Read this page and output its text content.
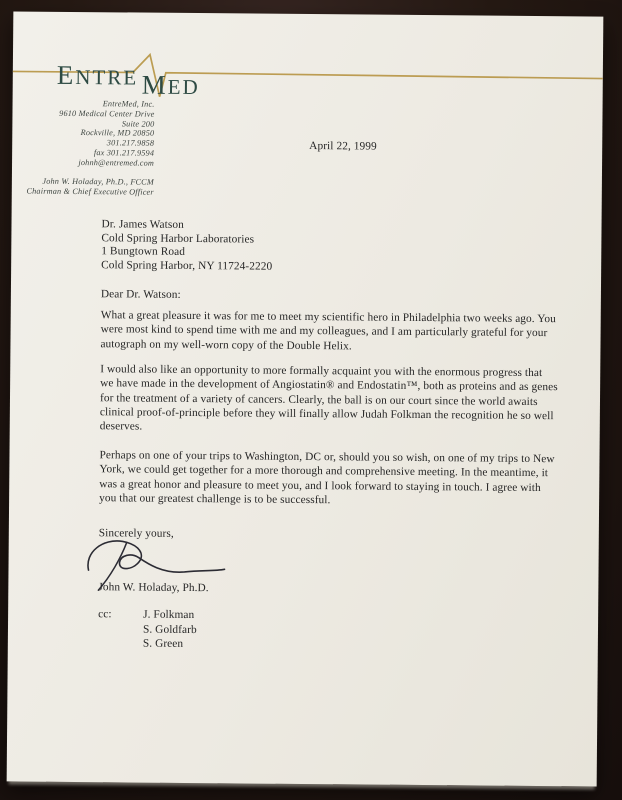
ENTRE MED
EntreMed, Inc.
9610 Medical Center Drive
Suite 200
Rockville, MD 20850
301.217.9858
fax 301.217.9594
johnh@entremed.com
John W. Holaday, Ph.D., FCCM
Chairman & Chief Executive Officer
April 22, 1999
Dr. James Watson
Cold Spring Harbor Laboratories
1 Bungtown Road
Cold Spring Harbor, NY 11724-2220
Dear Dr. Watson:
What a great pleasure it was for me to meet my scientific hero in Philadelphia two weeks ago. You were most kind to spend time with me and my colleagues, and I am particularly grateful for your autograph on my well-worn copy of the Double Helix.
I would also like an opportunity to more formally acquaint you with the enormous progress that we have made in the development of Angiostatin® and Endostatin™, both as proteins and as genes for the treatment of a variety of cancers. Clearly, the ball is on our court since the world awaits clinical proof-of-principle before they will finally allow Judah Folkman the recognition he so well deserves.
Perhaps on one of your trips to Washington, DC or, should you so wish, on one of my trips to New York, we could get together for a more thorough and comprehensive meeting. In the meantime, it was a great honor and pleasure to meet you, and I look forward to staying in touch. I agree with you that our greatest challenge is to be successful.
Sincerely yours,
John W. Holaday, Ph.D.
cc:	J. Folkman
S. Goldfarb
S. Green
